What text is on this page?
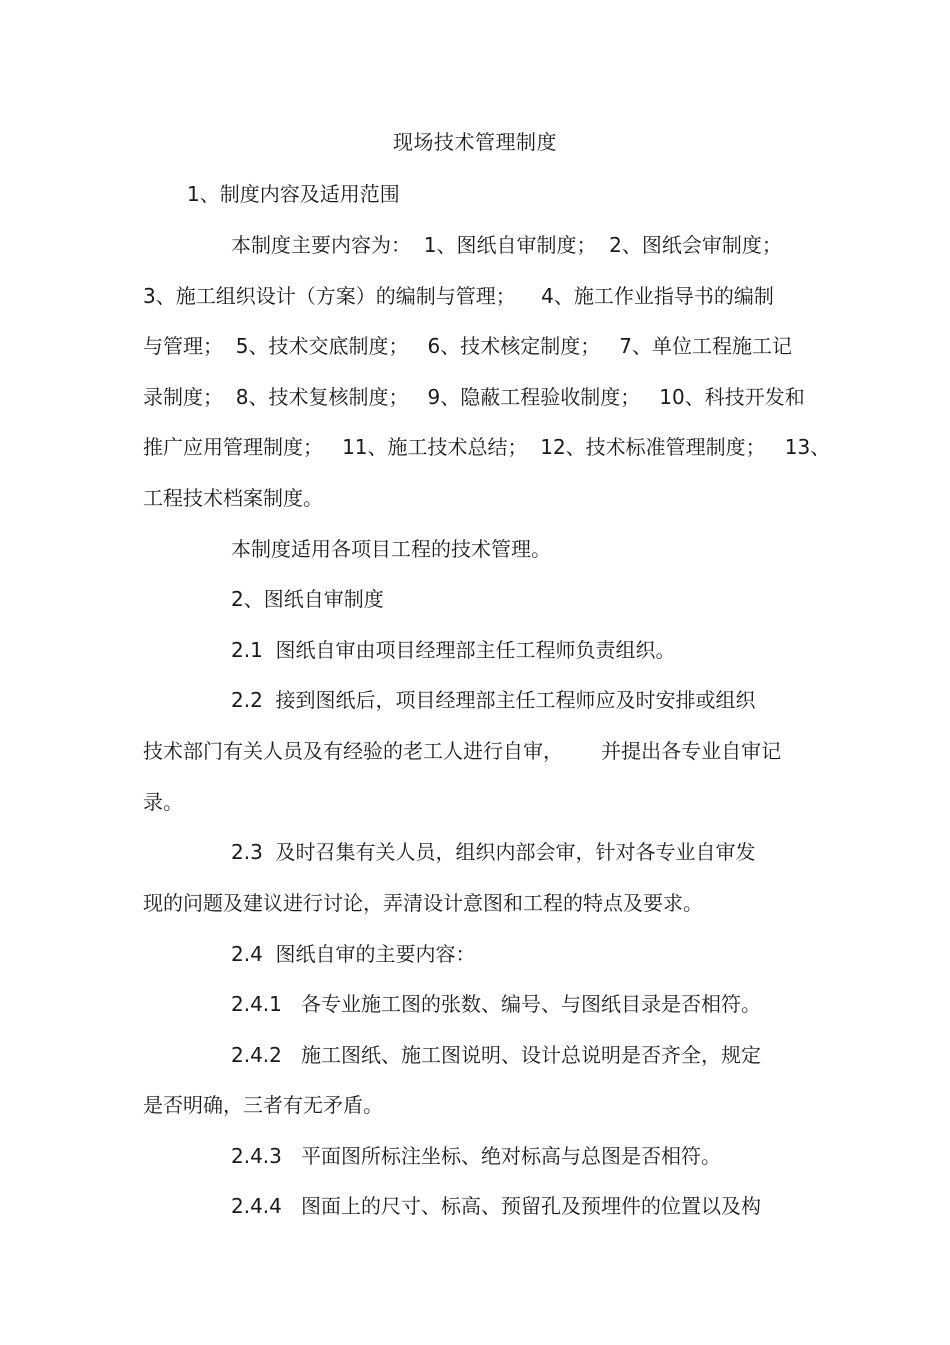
现场技术管理制度
1、制度内容及适用范围
本制度主要内容为：  1、图纸自审制度；  2、图纸会审制度；
3、施工组织设计（方案）的编制与管理；    4、施工作业指导书的编制
与管理；  5、技术交底制度；   6、技术核定制度；   7、单位工程施工记
录制度；  8、技术复核制度；   9、隐蔽工程验收制度；   10、科技开发和
推广应用管理制度；   11、施工技术总结；  12、技术标准管理制度；   13、
工程技术档案制度。
本制度适用各项目工程的技术管理。
2、图纸自审制度
2.1  图纸自审由项目经理部主任工程师负责组织。
2.2  接到图纸后，项目经理部主任工程师应及时安排或组织
技术部门有关人员及有经验的老工人进行自审，      并提出各专业自审记
录。
2.3  及时召集有关人员，组织内部会审，针对各专业自审发
现的问题及建议进行讨论，弄清设计意图和工程的特点及要求。
2.4  图纸自审的主要内容：
2.4.1   各专业施工图的张数、编号、与图纸目录是否相符。
2.4.2   施工图纸、施工图说明、设计总说明是否齐全，规定
是否明确，三者有无矛盾。
2.4.3   平面图所标注坐标、绝对标高与总图是否相符。
2.4.4   图面上的尺寸、标高、预留孔及预埋件的位置以及构
